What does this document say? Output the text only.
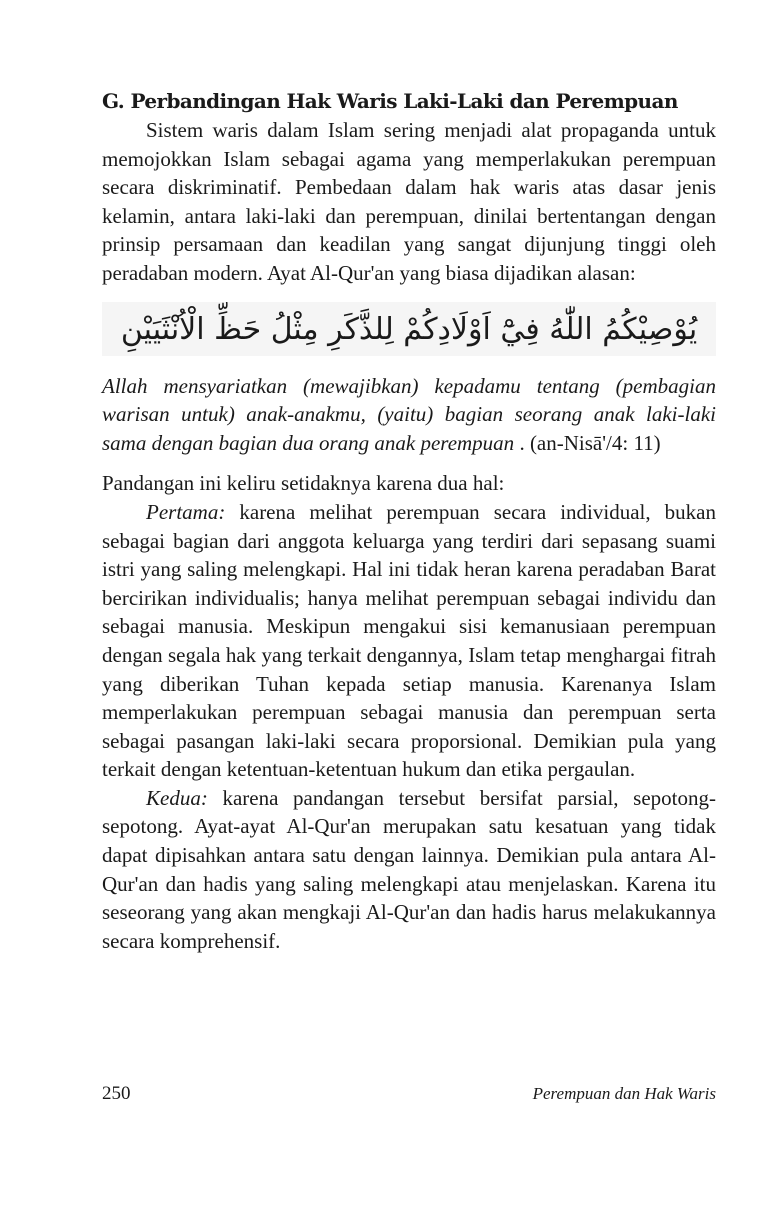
G. Perbandingan Hak Waris Laki-Laki dan Perempuan

Sistem waris dalam Islam sering menjadi alat propaganda untuk memojokkan Islam sebagai agama yang memperlakukan perempuan secara diskriminatif. Pembedaan dalam hak waris atas dasar jenis kelamin, antara laki-laki dan perempuan, dinilai bertentangan dengan prinsip persamaan dan keadilan yang sangat dijunjung tinggi oleh peradaban modern. Ayat Al-Qur'an yang biasa dijadikan alasan:

يُوْصِيْكُمُ اللّٰهُ فِيْٓ اَوْلَادِكُمْ لِلذَّكَرِ مِثْلُ حَظِّ الْاُنْثَيَيْنِ

Allah mensyariatkan (mewajibkan) kepadamu tentang (pembagian warisan untuk) anak-anakmu, (yaitu) bagian seorang anak laki-laki sama dengan bagian dua orang anak perempuan . (an-Nisā'/4: 11)

Pandangan ini keliru setidaknya karena dua hal:

Pertama: karena melihat perempuan secara individual, bukan sebagai bagian dari anggota keluarga yang terdiri dari sepasang suami istri yang saling melengkapi. Hal ini tidak heran karena peradaban Barat bercirikan individualis; hanya melihat perempuan sebagai individu dan sebagai manusia. Meskipun mengakui sisi kemanusiaan perempuan dengan segala hak yang terkait dengannya, Islam tetap menghargai fitrah yang diberikan Tuhan kepada setiap manusia. Karenanya Islam memperlakukan perempuan sebagai manusia dan perempuan serta sebagai pasangan laki-laki secara proporsional. Demikian pula yang terkait dengan ketentuan-ketentuan hukum dan etika pergaulan.

Kedua: karena pandangan tersebut bersifat parsial, sepotong-sepotong. Ayat-ayat Al-Qur'an merupakan satu kesatuan yang tidak dapat dipisahkan antara satu dengan lainnya. Demikian pula antara Al-Qur'an dan hadis yang saling melengkapi atau menjelaskan. Karena itu seseorang yang akan mengkaji Al-Qur'an dan hadis harus melakukannya secara komprehensif.

250	Perempuan dan Hak Waris
